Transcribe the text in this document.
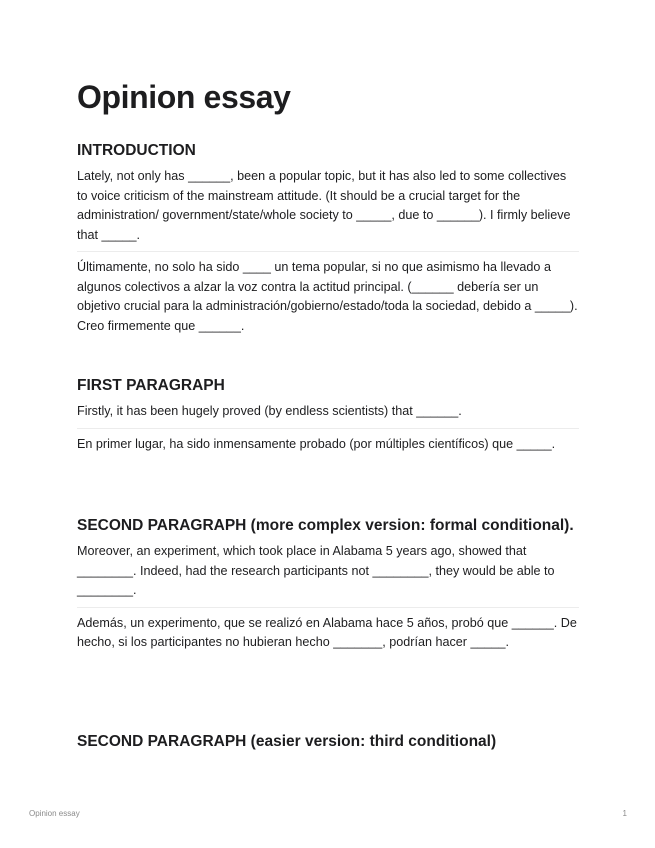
Opinion essay
INTRODUCTION

Lately, not only has ______, been a popular topic, but it has also led to some collectives to voice criticism of the mainstream attitude. (It should be a crucial target for the administration/ government/state/whole society to _____, due to ______). I firmly believe that _____.

Últimamente, no solo ha sido ____ un tema popular, si no que asimismo ha llevado a algunos colectivos a alzar la voz contra la actitud principal. (______ debería ser un objetivo crucial para la administración/gobierno/estado/toda la sociedad, debido a _____). Creo firmemente que ______.

FIRST PARAGRAPH

Firstly, it has been hugely proved (by endless scientists) that ______.

En primer lugar, ha sido inmensamente probado (por múltiples científicos) que _____.

SECOND PARAGRAPH (more complex version: formal conditional).

Moreover, an experiment, which took place in Alabama 5 years ago, showed that ________. Indeed, had the research participants not ________, they would be able to ________.

Además, un experimento, que se realizó en Alabama hace 5 años, probó que ______. De hecho, si los participantes no hubieran hecho _______, podrían hacer _____.

SECOND PARAGRAPH (easier version: third conditional)
Opinion essay	1
